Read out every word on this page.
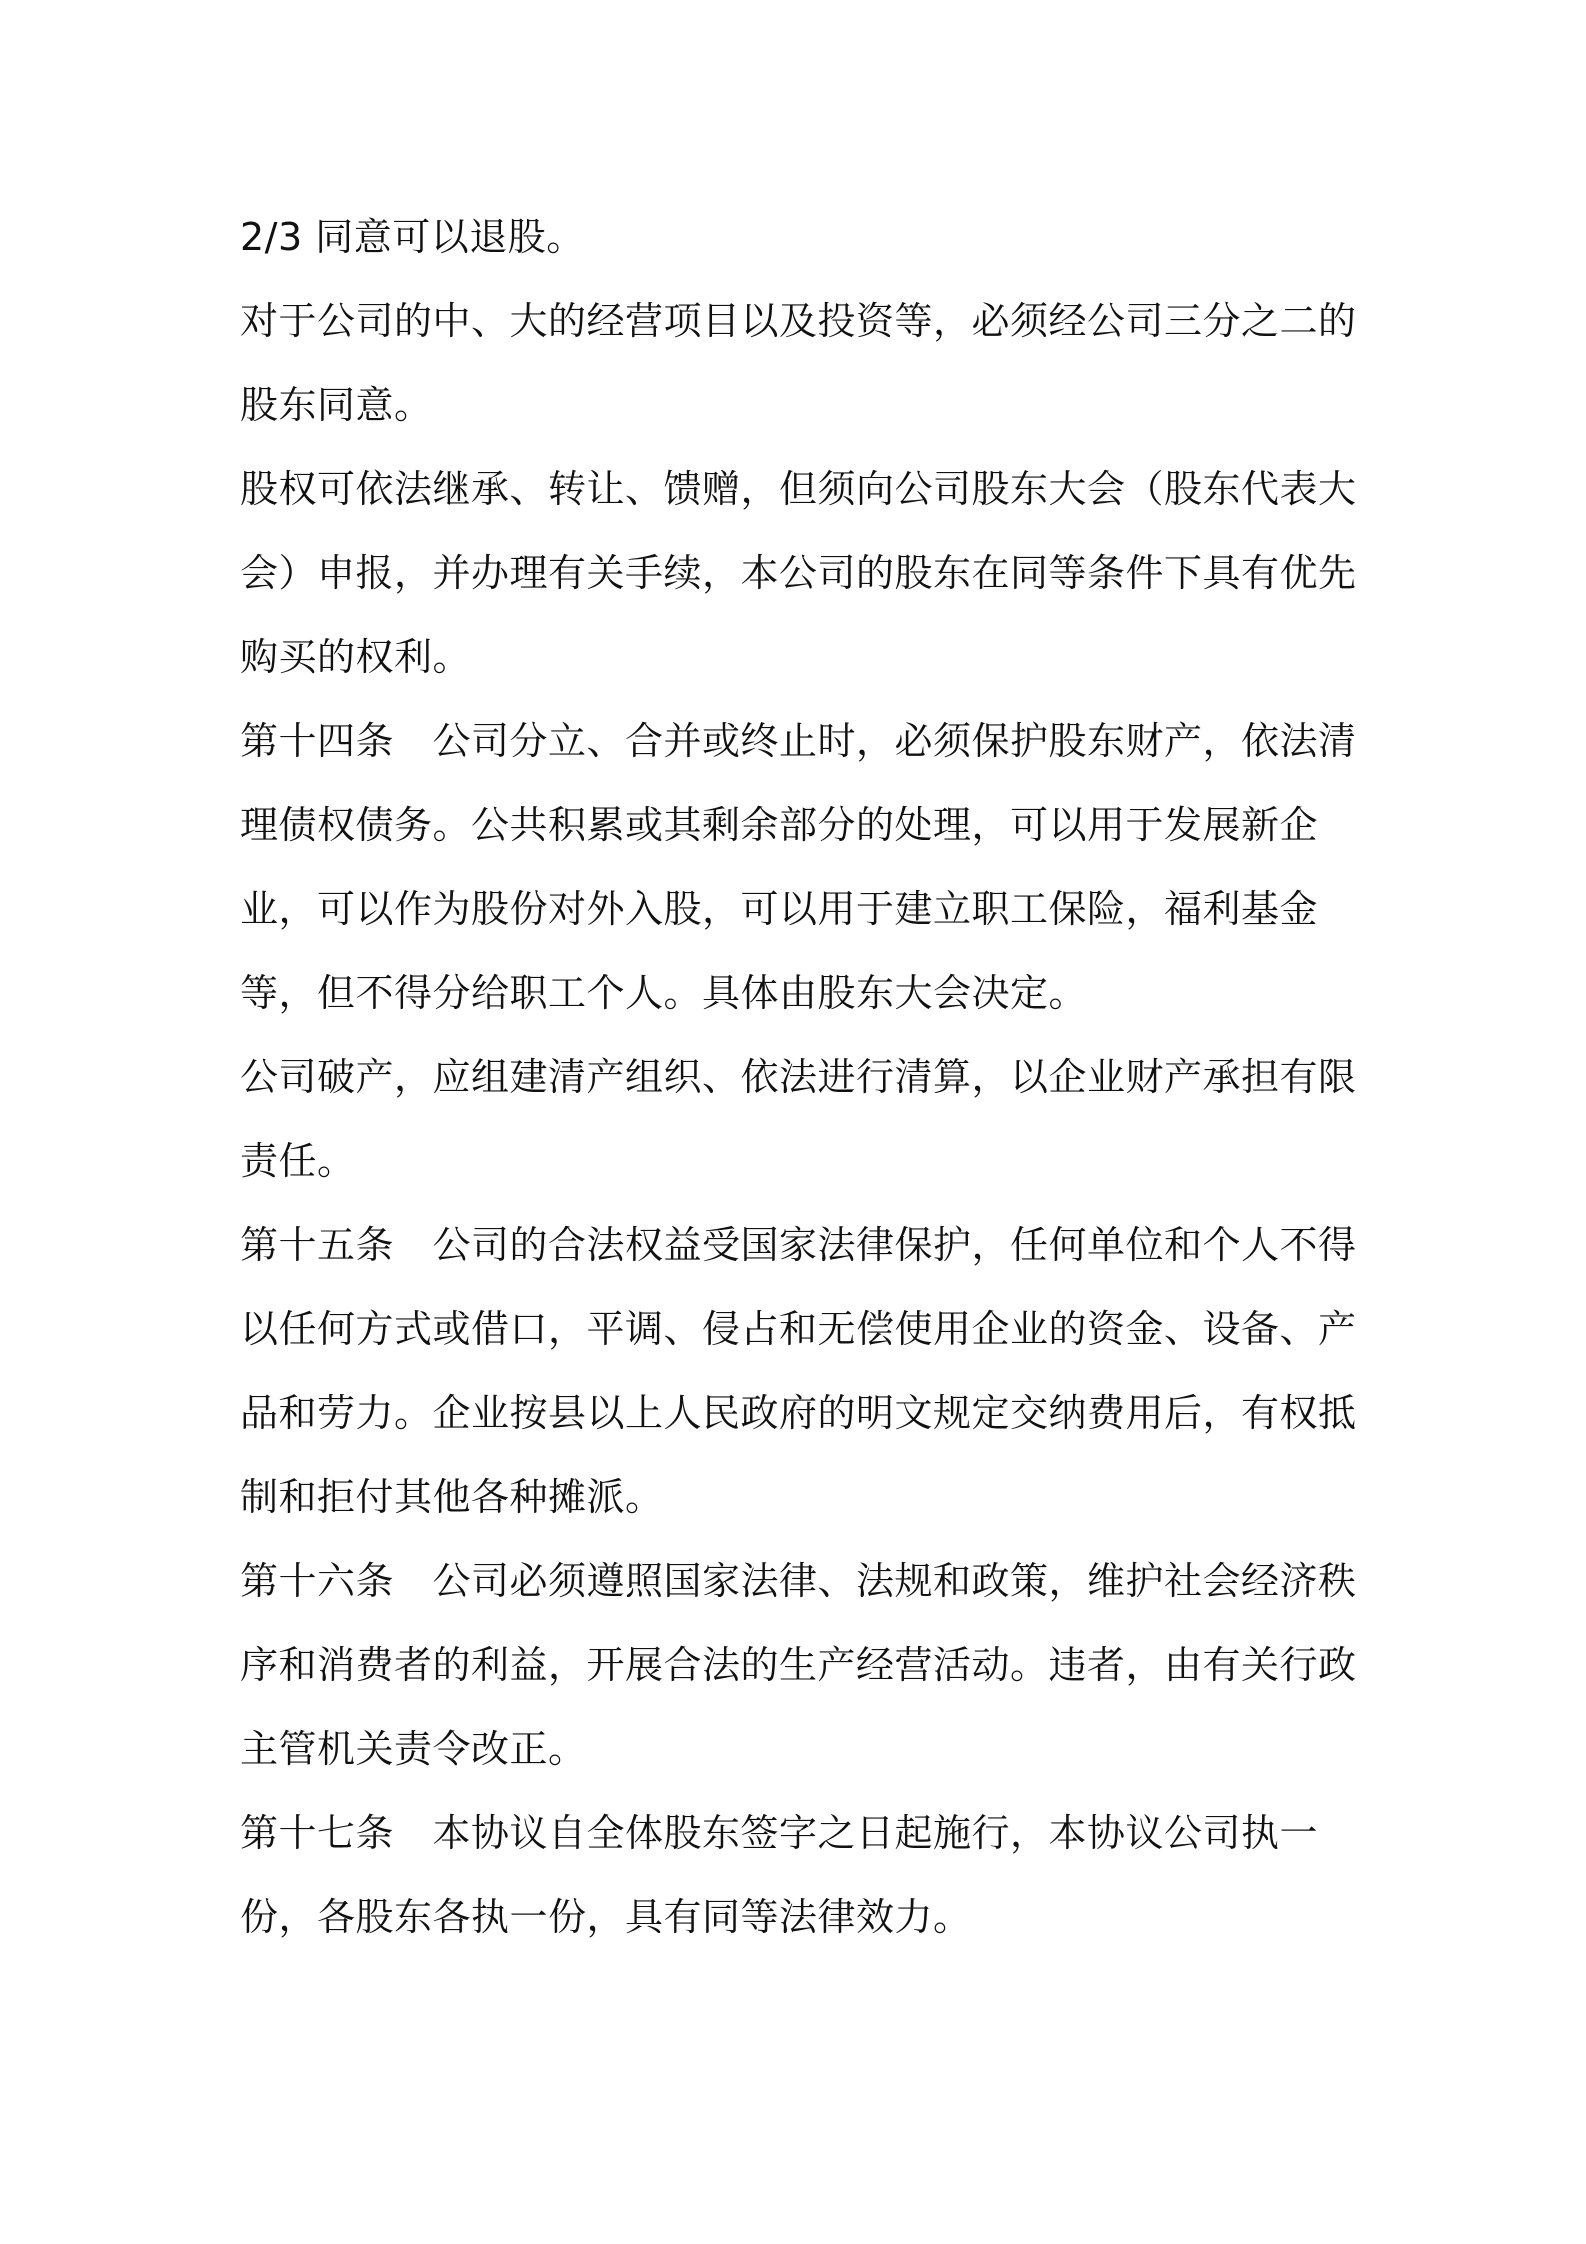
2/3 同意可以退股。

对于公司的中、大的经营项目以及投资等，必须经公司三分之二的股东同意。

股权可依法继承、转让、馈赠，但须向公司股东大会（股东代表大会）申报，并办理有关手续，本公司的股东在同等条件下具有优先购买的权利。

第十四条　公司分立、合并或终止时，必须保护股东财产，依法清理债权债务。公共积累或其剩余部分的处理，可以用于发展新企业，可以作为股份对外入股，可以用于建立职工保险，福利基金等，但不得分给职工个人。具体由股东大会决定。

公司破产，应组建清产组织、依法进行清算，以企业财产承担有限责任。

第十五条　公司的合法权益受国家法律保护，任何单位和个人不得以任何方式或借口，平调、侵占和无偿使用企业的资金、设备、产品和劳力。企业按县以上人民政府的明文规定交纳费用后，有权抵制和拒付其他各种摊派。

第十六条　公司必须遵照国家法律、法规和政策，维护社会经济秩序和消费者的利益，开展合法的生产经营活动。违者，由有关行政主管机关责令改正。

第十七条　本协议自全体股东签字之日起施行，本协议公司执一份，各股东各执一份，具有同等法律效力。
